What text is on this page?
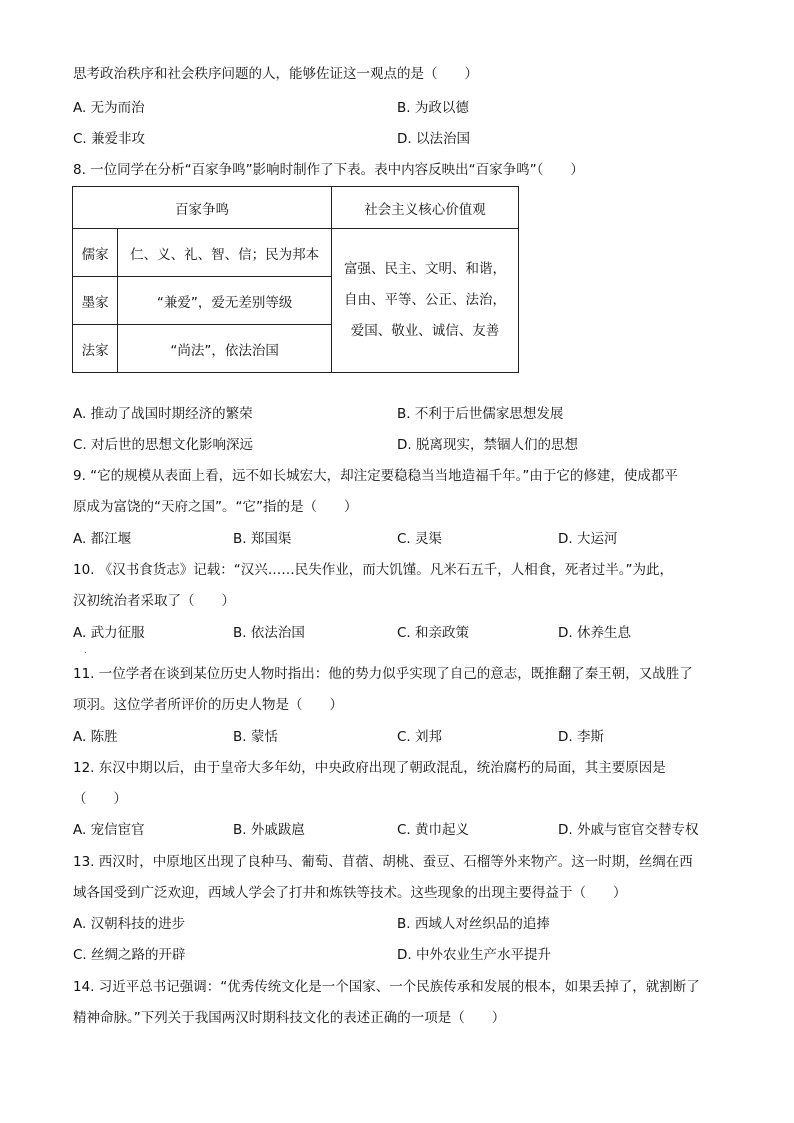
思考政治秩序和社会秩序问题的人，能够佐证这一观点的是（　　）
A. 无为而治	B. 为政以德
C. 兼爱非攻	D. 以法治国
8. 一位同学在分析“百家争鸣”影响时制作了下表。表中内容反映出“百家争鸣”（　　）
百家争鸣		社会主义核心价值观
儒家	仁、义、礼、智、信；民为邦本	富强、民主、文明、和谐，
自由、平等、公正、法治，
爱国、敬业、诚信、友善

墨家	“兼爱”，爱无差别等级	
法家	“尚法”，依法治国	
A. 推动了战国时期经济的繁荣	B. 不利于后世儒家思想发展
C. 对后世的思想文化影响深远	D. 脱离现实，禁锢人们的思想
9. “它的规模从表面上看，远不如长城宏大，却注定要稳稳当当地造福千年。”由于它的修建，使成都平
原成为富饶的“天府之国”。“它”指的是（　　）
A. 都江堰	B. 郑国渠	C. 灵渠	D. 大运河
10. 《汉书食货志》记载：“汉兴……民失作业，而大饥馑。凡米石五千，人相食，死者过半。”为此，
汉初统治者采取了（　　）
A. 武力征服	B. 依法治国	C. 和亲政策	D. 休养生息
.
11. 一位学者在谈到某位历史人物时指出：他的势力似乎实现了自己的意志，既推翻了秦王朝，又战胜了
项羽。这位学者所评价的历史人物是（　　）
A. 陈胜	B. 蒙恬	C. 刘邦	D. 李斯
12. 东汉中期以后，由于皇帝大多年幼，中央政府出现了朝政混乱，统治腐朽的局面，其主要原因是
（　　）
A. 宠信宦官	B. 外戚跋扈	C. 黄巾起义	D. 外戚与宦官交替专权
13. 西汉时，中原地区出现了良种马、葡萄、苜蓿、胡桃、蚕豆、石榴等外来物产。这一时期，丝绸在西
域各国受到广泛欢迎，西域人学会了打井和炼铁等技术。这些现象的出现主要得益于（　　）
A. 汉朝科技的进步	B. 西域人对丝织品的追捧
C. 丝绸之路的开辟	D. 中外农业生产水平提升
14. 习近平总书记强调：“优秀传统文化是一个国家、一个民族传承和发展的根本，如果丢掉了，就割断了
精神命脉。”下列关于我国两汉时期科技文化的表述正确的一项是（　　）
